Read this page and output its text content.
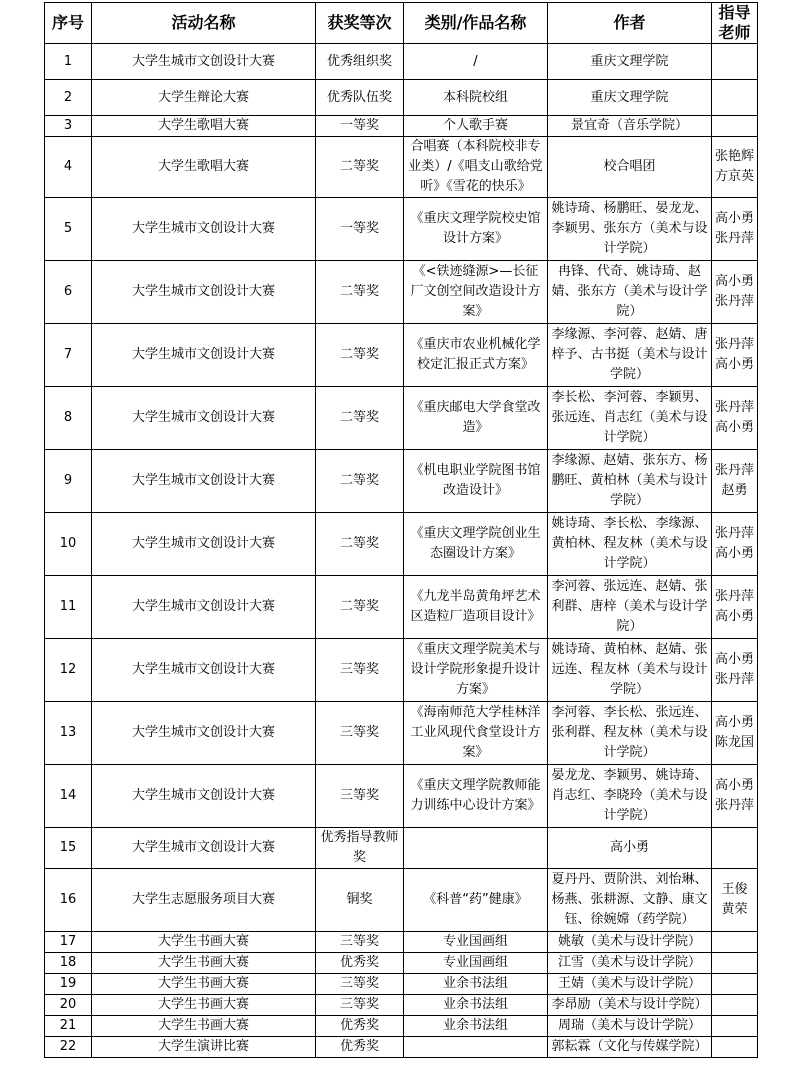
序号	活动名称	获奖等次	类别/作品名称	作者	指导老师
1	大学生城市文创设计大赛	优秀组织奖	/	重庆文理学院	
2	大学生辩论大赛	优秀队伍奖	本科院校组	重庆文理学院	
3	大学生歌唱大赛	一等奖	个人歌手赛	景宜奇（音乐学院）	
4	大学生歌唱大赛	二等奖	合唱赛（本科院校非专业类）/《唱支山歌给党听》《雪花的快乐》	校合唱团	张艳辉 方京英
5	大学生城市文创设计大赛	一等奖	《重庆文理学院校史馆设计方案》	姚诗琦、杨鹏旺、晏龙龙、李颖男、张东方（美术与设计学院）	高小勇 张丹萍
6	大学生城市文创设计大赛	二等奖	《<铁迹缝源>—长征厂文创空间改造设计方案》	冉锋、代奇、姚诗琦、赵婧、张东方（美术与设计学院）	高小勇 张丹萍
7	大学生城市文创设计大赛	二等奖	《重庆市农业机械化学校定汇报正式方案》	李缘源、李河蓉、赵婧、唐梓予、古书挺（美术与设计学院）	张丹萍 高小勇
8	大学生城市文创设计大赛	二等奖	《重庆邮电大学食堂改造》	李长松、李河蓉、李颖男、张远连、肖志红（美术与设计学院）	张丹萍 高小勇
9	大学生城市文创设计大赛	二等奖	《机电职业学院图书馆改造设计》	李缘源、赵婧、张东方、杨鹏旺、黄柏林（美术与设计学院）	张丹萍 赵勇
10	大学生城市文创设计大赛	二等奖	《重庆文理学院创业生态圈设计方案》	姚诗琦、李长松、李缘源、黄柏林、程友林（美术与设计学院）	张丹萍 高小勇
11	大学生城市文创设计大赛	二等奖	《九龙半岛黄角坪艺术区造粒厂造项目设计》	李河蓉、张远连、赵婧、张利群、唐梓（美术与设计学院）	张丹萍 高小勇
12	大学生城市文创设计大赛	三等奖	《重庆文理学院美术与设计学院形象提升设计方案》	姚诗琦、黄柏林、赵婧、张远连、程友林（美术与设计学院）	高小勇 张丹萍
13	大学生城市文创设计大赛	三等奖	《海南师范大学桂林洋工业风现代食堂设计方案》	李河蓉、李长松、张远连、张利群、程友林（美术与设计学院）	高小勇 陈龙国
14	大学生城市文创设计大赛	三等奖	《重庆文理学院教师能力训练中心设计方案》	晏龙龙、李颖男、姚诗琦、肖志红、李晓玲（美术与设计学院）	高小勇 张丹萍
15	大学生城市文创设计大赛	优秀指导教师奖		高小勇	
16	大学生志愿服务项目大赛	铜奖	《科普“药”健康》	夏丹丹、贾阶洪、刘怡琳、杨燕、张耕源、文静、康文钰、徐婉嫦（药学院）	王俊 黄荣
17	大学生书画大赛	三等奖	专业国画组	姚敏（美术与设计学院）	
18	大学生书画大赛	优秀奖	专业国画组	江雪（美术与设计学院）	
19	大学生书画大赛	三等奖	业余书法组	王婧（美术与设计学院）	
20	大学生书画大赛	三等奖	业余书法组	李昂励（美术与设计学院）	
21	大学生书画大赛	优秀奖	业余书法组	周瑞（美术与设计学院）	
22	大学生演讲比赛	优秀奖		郭耘霖（文化与传媒学院）	
